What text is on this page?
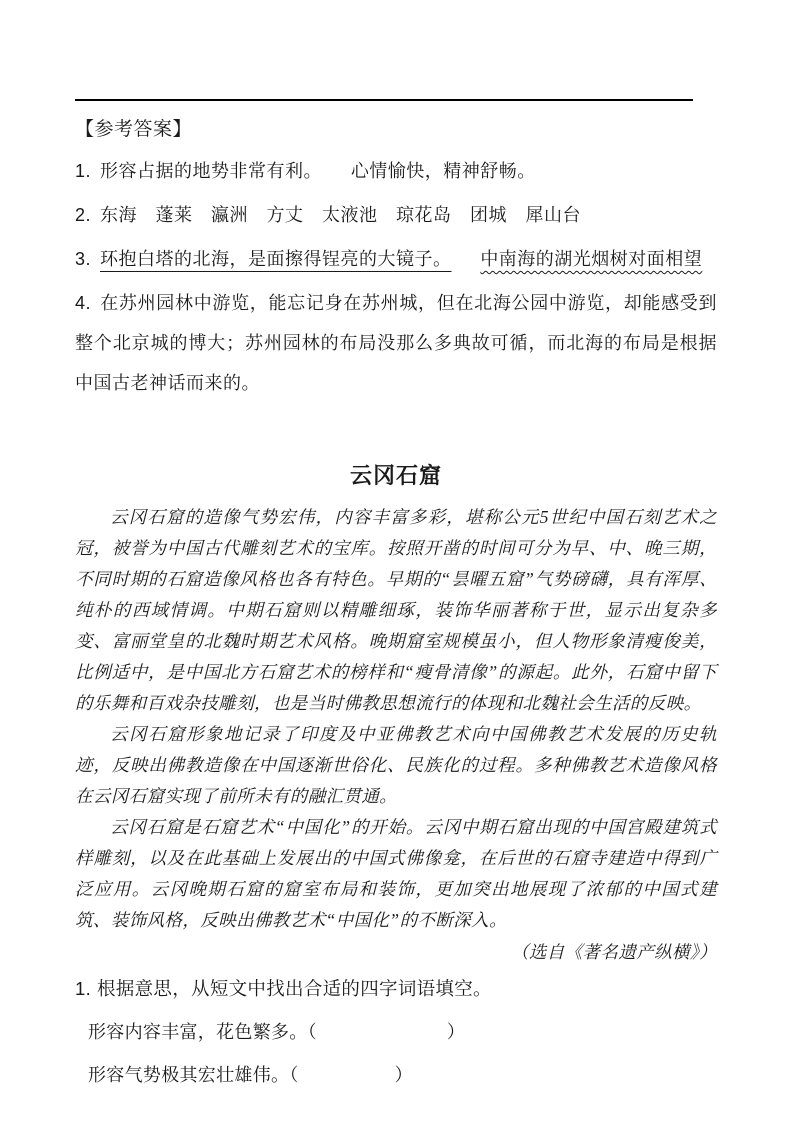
【参考答案】
1. 形容占据的地势非常有利。 心情愉快，精神舒畅。
2. 东海　蓬莱　瀛洲　方丈　太液池　琼花岛　团城　犀山台
3. 环抱白塔的北海，是面擦得锃亮的大镜子。 中南海的湖光烟树对面相望
4. 在苏州园林中游览，能忘记身在苏州城，但在北海公园中游览，却能感受到整个北京城的博大；苏州园林的布局没那么多典故可循，而北海的布局是根据中国古老神话而来的。
云冈石窟

云冈石窟的造像气势宏伟，内容丰富多彩，堪称公元5世纪中国石刻艺术之冠，被誉为中国古代雕刻艺术的宝库。按照开凿的时间可分为早、中、晚三期，不同时期的石窟造像风格也各有特色。早期的“昙曜五窟”气势磅礴，具有浑厚、纯朴的西域情调。中期石窟则以精雕细琢，装饰华丽著称于世，显示出复杂多变、富丽堂皇的北魏时期艺术风格。晚期窟室规模虽小，但人物形象清瘦俊美，比例适中，是中国北方石窟艺术的榜样和“瘦骨清像”的源起。此外，石窟中留下的乐舞和百戏杂技雕刻，也是当时佛教思想流行的体现和北魏社会生活的反映。

云冈石窟形象地记录了印度及中亚佛教艺术向中国佛教艺术发展的历史轨迹，反映出佛教造像在中国逐渐世俗化、民族化的过程。多种佛教艺术造像风格在云冈石窟实现了前所未有的融汇贯通。

云冈石窟是石窟艺术“中国化”的开始。云冈中期石窟出现的中国宫殿建筑式样雕刻，以及在此基础上发展出的中国式佛像龛，在后世的石窟寺建造中得到广泛应用。云冈晚期石窟的窟室布局和装饰，更加突出地展现了浓郁的中国式建筑、装饰风格，反映出佛教艺术“中国化”的不断深入。

（选自《著名遗产纵横》）
1. 根据意思，从短文中找出合适的四字词语填空。
形容内容丰富，花色繁多。（	）
形容气势极其宏壮雄伟。（	）
